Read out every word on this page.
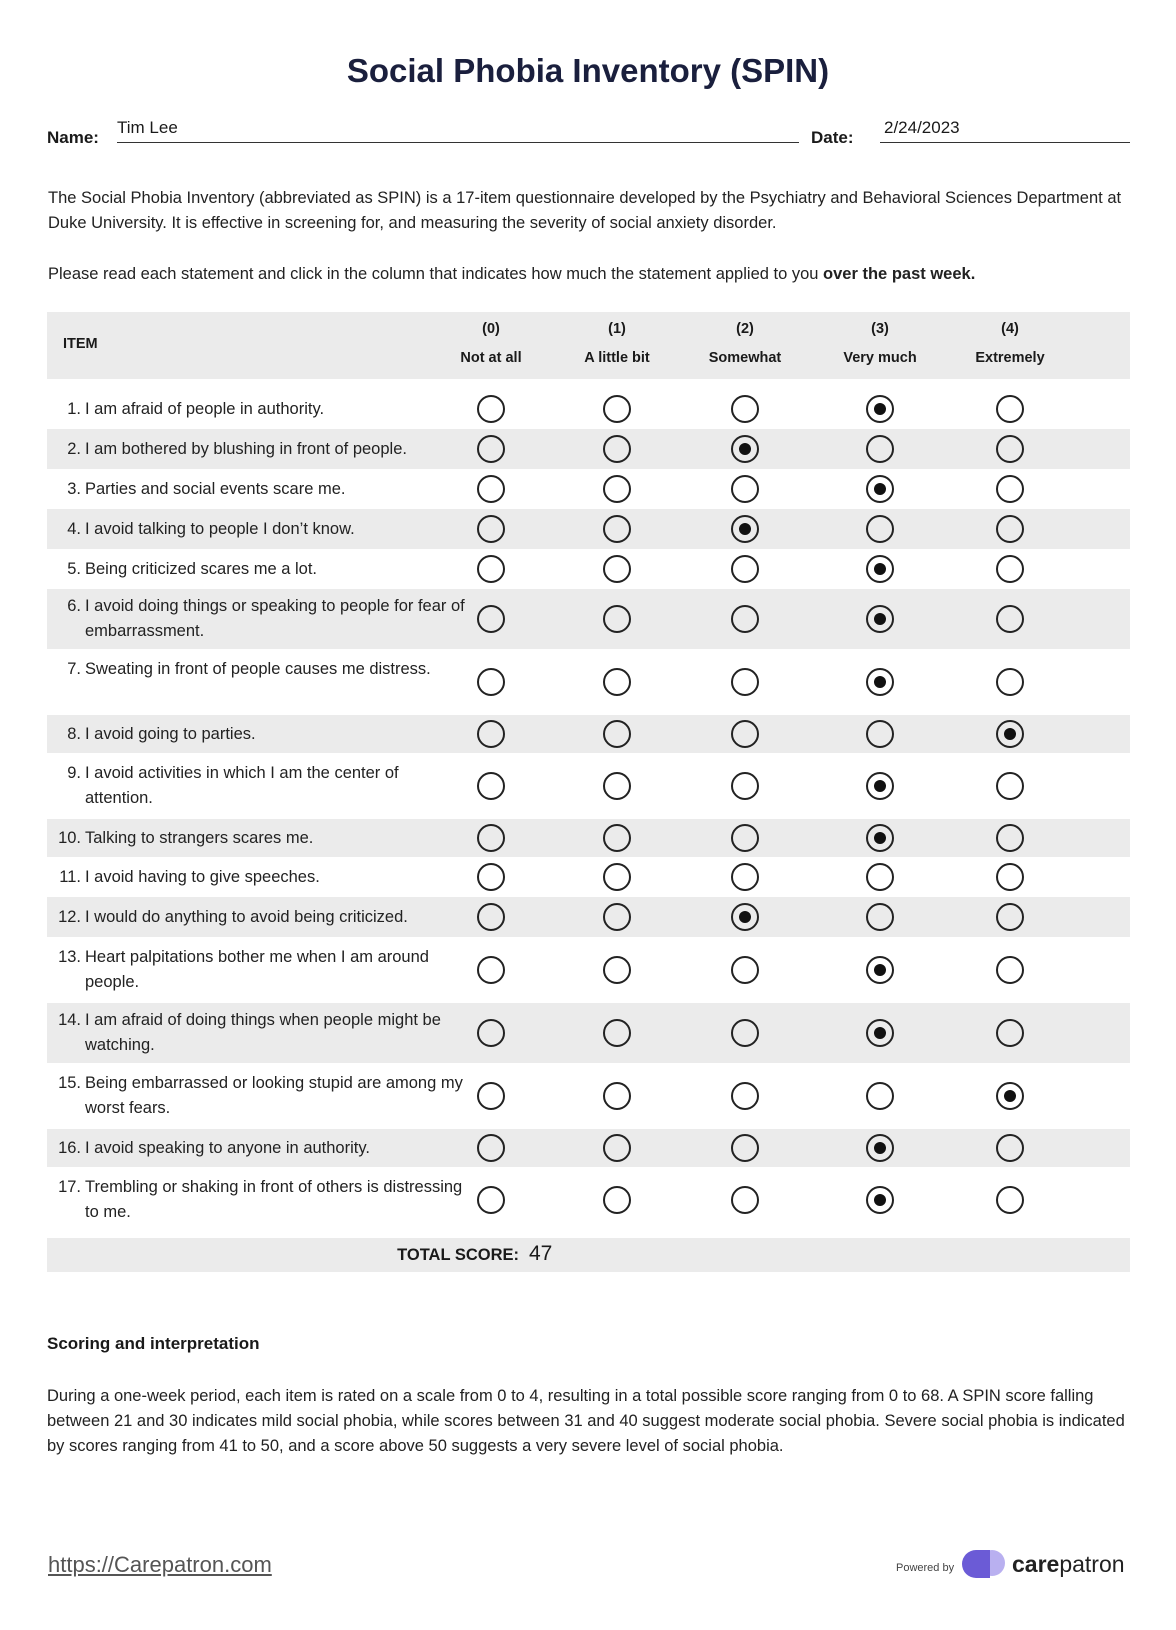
Social Phobia Inventory (SPIN)
Name:
Tim Lee
Date:
2/24/2023
The Social Phobia Inventory (abbreviated as SPIN) is a 17-item questionnaire developed by the Psychiatry and Behavioral Sciences Department at Duke University. It is effective in screening for, and measuring the severity of social anxiety disorder.
Please read each statement and click in the column that indicates how much the statement applied to you over the past week.
ITEM
(0)
Not at all
(1)
A little bit
(2)
Somewhat
(3)
Very much
(4)
Extremely
1. I am afraid of people in authority.
2. I am bothered by blushing in front of people.
3. Parties and social events scare me.
4. I avoid talking to people I don’t know.
5. Being criticized scares me a lot.
6. I avoid doing things or speaking to people for fear of embarrassment.
7. Sweating in front of people causes me distress.
8. I avoid going to parties.
9. I avoid activities in which I am the center of attention.
10. Talking to strangers scares me.
11. I avoid having to give speeches.
12. I would do anything to avoid being criticized.
13. Heart palpitations bother me when I am around people.
14. I am afraid of doing things when people might be watching.
15. Being embarrassed or looking stupid are among my worst fears.
16. I avoid speaking to anyone in authority.
17. Trembling or shaking in front of others is distressing to me.
TOTAL SCORE: 47
Scoring and interpretation
During a one-week period, each item is rated on a scale from 0 to 4, resulting in a total possible score ranging from 0 to 68. A SPIN score falling between 21 and 30 indicates mild social phobia, while scores between 31 and 40 suggest moderate social phobia. Severe social phobia is indicated by scores ranging from 41 to 50, and a score above 50 suggests a very severe level of social phobia.
https://Carepatron.com	Powered by	carepatron
